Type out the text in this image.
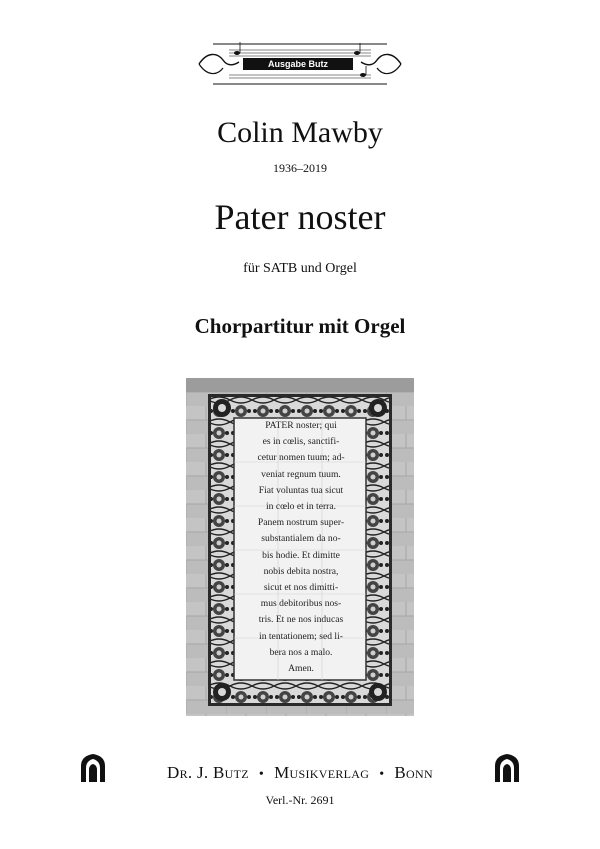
Ausgabe Butz
Colin Mawby
1936–2019
Pater noster
für SATB und Orgel
Chorpartitur mit Orgel
PATER noster; qui
es in cœlis, sanctifi-
cetur nomen tuum; ad-
veniat regnum tuum.
Fiat voluntas tua sicut
in cœlo et in terra.
Panem nostrum super-
substantialem da no-
bis hodie. Et dimitte
nobis debita nostra,
sicut et nos dimitti-
mus debitoribus nos-
tris. Et ne nos inducas
in tentationem; sed li-
bera nos a malo.
Amen.
Dr. J. Butz • Musikverlag • Bonn
Verl.-Nr. 2691
